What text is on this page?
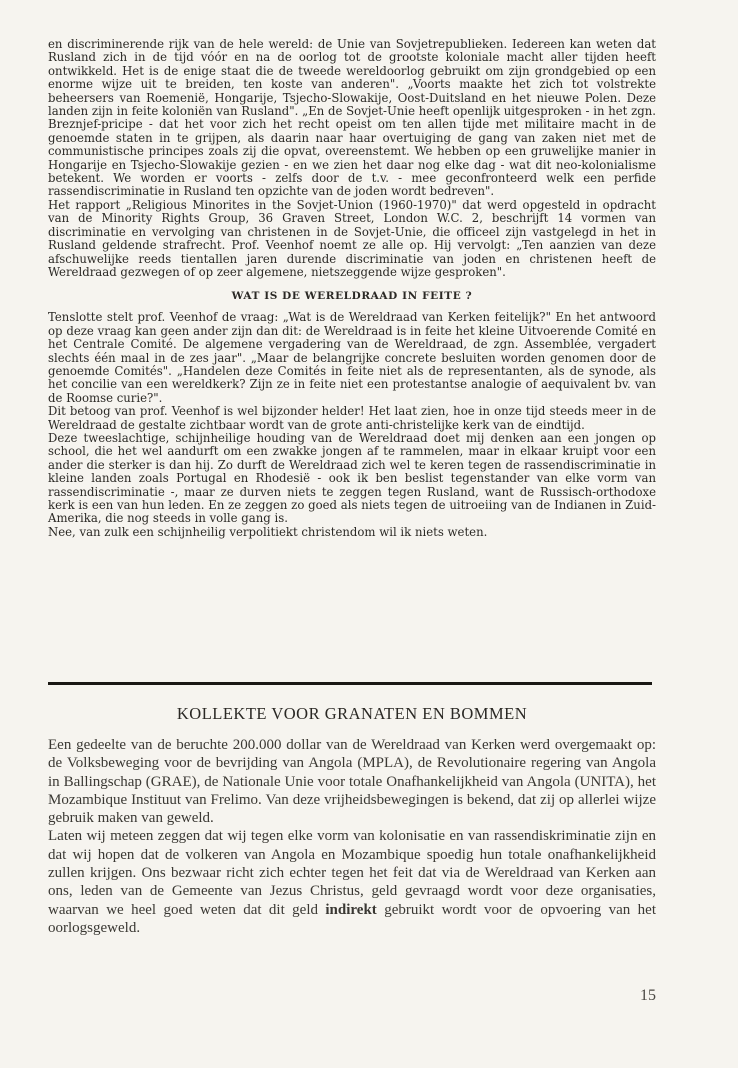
en discriminerende rijk van de hele wereld: de Unie van Sovjetrepublieken. Iedereen kan weten dat Rusland zich in de tijd vóór en na de oorlog tot de grootste koloniale macht aller tijden heeft ontwikkeld. Het is de enige staat die de tweede wereldoorlog gebruikt om zijn grondgebied op een enorme wijze uit te breiden, ten koste van anderen". „Voorts maakte het zich tot volstrekte beheersers van Roemenië, Hongarije, Tsjecho-Slowakije, Oost-Duitsland en het nieuwe Polen. Deze landen zijn in feite koloniën van Rusland". „En de Sovjet-Unie heeft openlijk uitgesproken - in het zgn. Breznjef-pricipe - dat het voor zich het recht opeist om ten allen tijde met militaire macht in de genoemde staten in te grijpen, als daarin naar haar overtuiging de gang van zaken niet met de communistische principes zoals zij die opvat, overeenstemt. We hebben op een gruwelijke manier in Hongarije en Tsjecho-Slowakije gezien - en we zien het daar nog elke dag - wat dit neo-kolonialisme betekent. We worden er voorts - zelfs door de t.v. - mee geconfronteerd welk een perfide rassendiscriminatie in Rusland ten opzichte van de joden wordt bedreven".

Het rapport „Religious Minorites in the Sovjet-Union (1960-1970)" dat werd opgesteld in opdracht van de Minority Rights Group, 36 Graven Street, London W.C. 2, beschrijft 14 vormen van discriminatie en vervolging van christenen in de Sovjet-Unie, die officeel zijn vastgelegd in het in Rusland geldende strafrecht. Prof. Veenhof noemt ze alle op. Hij vervolgt: „Ten aanzien van deze afschuwelijke reeds tientallen jaren durende discriminatie van joden en christenen heeft de Wereldraad gezwegen of op zeer algemene, nietszeggende wijze gesproken".

WAT IS DE WERELDRAAD IN FEITE ?

Tenslotte stelt prof. Veenhof de vraag: „Wat is de Wereldraad van Kerken feitelijk?" En het antwoord op deze vraag kan geen ander zijn dan dit: de Wereldraad is in feite het kleine Uitvoerende Comité en het Centrale Comité. De algemene vergadering van de Wereldraad, de zgn. Assemblée, vergadert slechts één maal in de zes jaar". „Maar de belangrijke concrete besluiten worden genomen door de genoemde Comités". „Handelen deze Comités in feite niet als de representanten, als de synode, als het concilie van een wereldkerk? Zijn ze in feite niet een protestantse analogie of aequivalent bv. van de Roomse curie?".

Dit betoog van prof. Veenhof is wel bijzonder helder! Het laat zien, hoe in onze tijd steeds meer in de Wereldraad de gestalte zichtbaar wordt van de grote anti-christelijke kerk van de eindtijd.

Deze tweeslachtige, schijnheilige houding van de Wereldraad doet mij denken aan een jongen op school, die het wel aandurft om een zwakke jongen af te rammelen, maar in elkaar kruipt voor een ander die sterker is dan hij. Zo durft de Wereldraad zich wel te keren tegen de rassendiscriminatie in kleine landen zoals Portugal en Rhodesië - ook ik ben beslist tegenstander van elke vorm van rassendiscriminatie -, maar ze durven niets te zeggen tegen Rusland, want de Russisch-orthodoxe kerk is een van hun leden. En ze zeggen zo goed als niets tegen de uitroeiing van de Indianen in Zuid-Amerika, die nog steeds in volle gang is.

Nee, van zulk een schijnheilig verpolitiekt christendom wil ik niets weten.

KOLLEKTE VOOR GRANATEN EN BOMMEN

Een gedeelte van de beruchte 200.000 dollar van de Wereldraad van Kerken werd overgemaakt op: de Volksbeweging voor de bevrijding van Angola (MPLA), de Revolutionaire regering van Angola in Ballingschap (GRAE), de Nationale Unie voor totale Onafhankelijkheid van Angola (UNITA), het Mozambique Instituut van Frelimo. Van deze vrijheidsbewegingen is bekend, dat zij op allerlei wijze gebruik maken van geweld.

Laten wij meteen zeggen dat wij tegen elke vorm van kolonisatie en van rassendiskriminatie zijn en dat wij hopen dat de volkeren van Angola en Mozambique spoedig hun totale onafhankelijkheid zullen krijgen. Ons bezwaar richt zich echter tegen het feit dat via de Wereldraad van Kerken aan ons, leden van de Gemeente van Jezus Christus, geld gevraagd wordt voor deze organisaties, waarvan we heel goed weten dat dit geld indirekt gebruikt wordt voor de opvoering van het oorlogsgeweld.

15
